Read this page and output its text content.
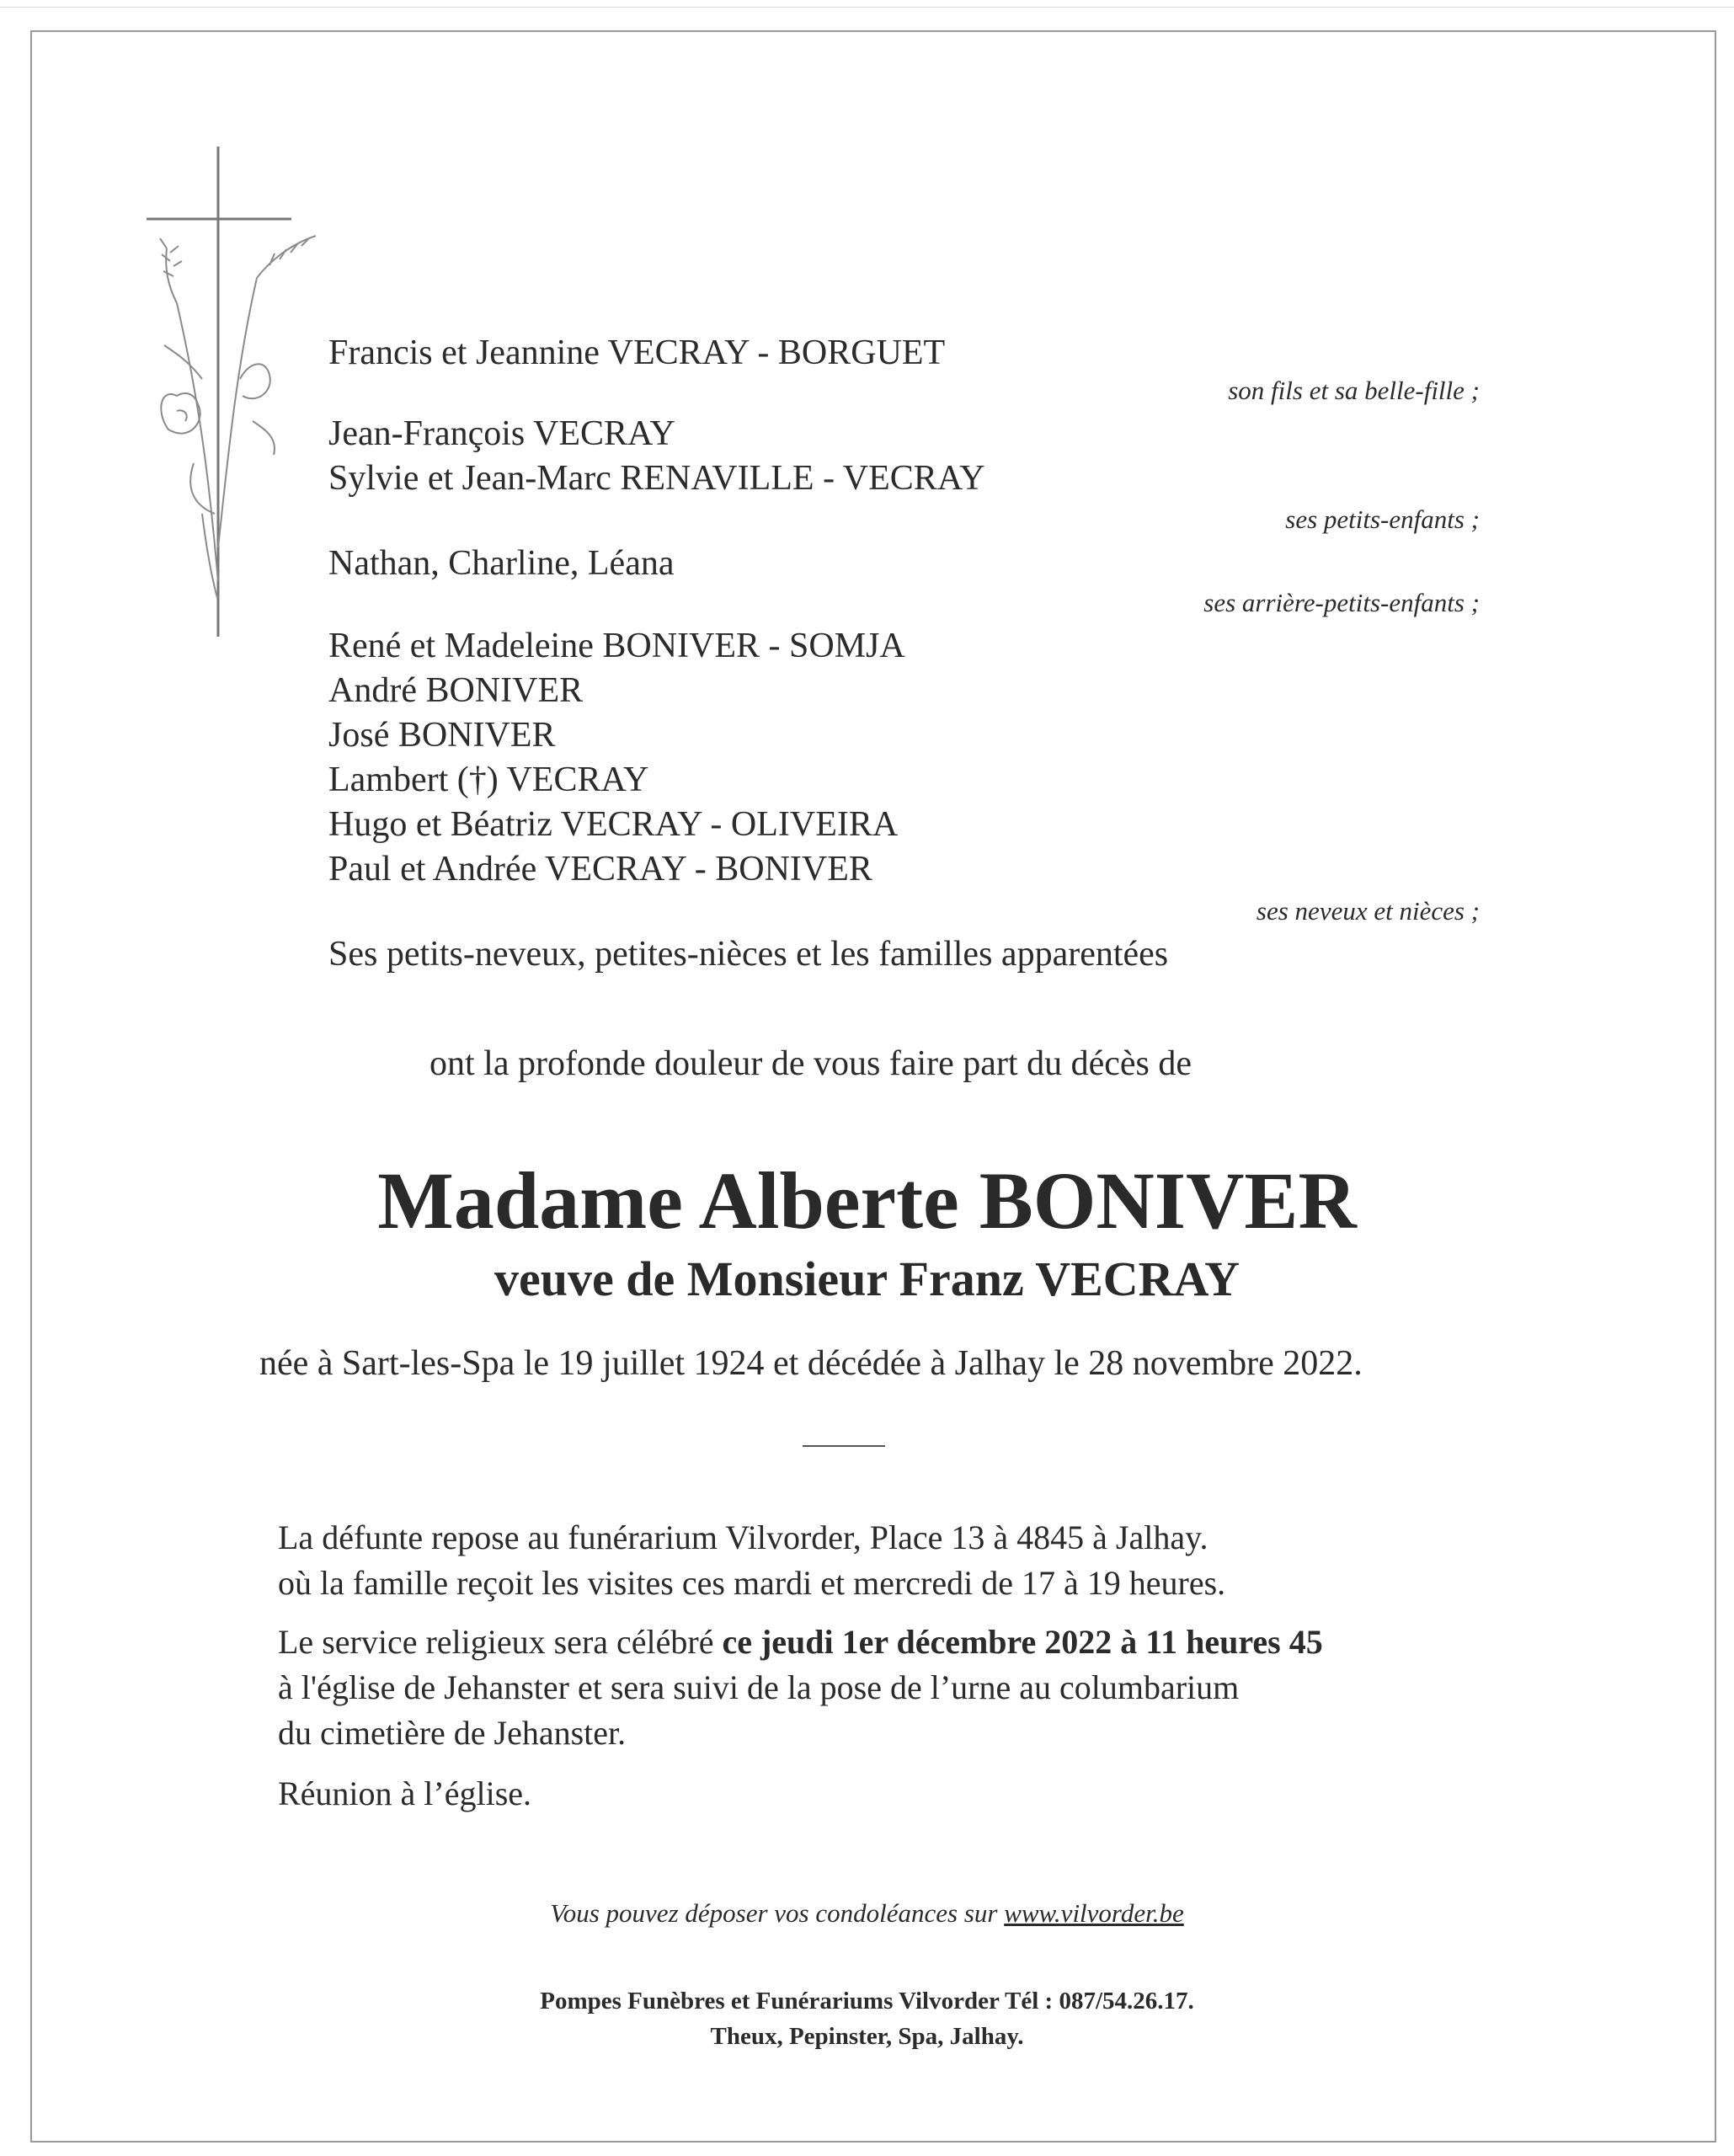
Francis et Jeannine VECRAY - BORGUET
son fils et sa belle-fille ;
Jean-François VECRAY
Sylvie et Jean-Marc RENAVILLE - VECRAY
ses petits-enfants ;
Nathan, Charline, Léana
ses arrière-petits-enfants ;
René et Madeleine BONIVER - SOMJA
André BONIVER
José BONIVER
Lambert (†) VECRAY
Hugo et Béatriz VECRAY - OLIVEIRA
Paul et Andrée VECRAY - BONIVER
ses neveux et nièces ;
Ses petits-neveux, petites-nièces et les familles apparentées
ont la profonde douleur de vous faire part du décès de
Madame Alberte BONIVER
veuve de Monsieur Franz VECRAY
née à Sart-les-Spa le 19 juillet 1924 et décédée à Jalhay le 28 novembre 2022.
La défunte repose au funérarium Vilvorder, Place 13 à 4845 à Jalhay.
où la famille reçoit les visites ces mardi et mercredi de 17 à 19 heures.
Le service religieux sera célébré ce jeudi 1er décembre 2022 à 11 heures 45
à l'église de Jehanster et sera suivi de la pose de l’urne au columbarium
du cimetière de Jehanster.
Réunion à l’église.
Vous pouvez déposer vos condoléances sur www.vilvorder.be
Pompes Funèbres et Funérariums Vilvorder Tél : 087/54.26.17.
Theux, Pepinster, Spa, Jalhay.
